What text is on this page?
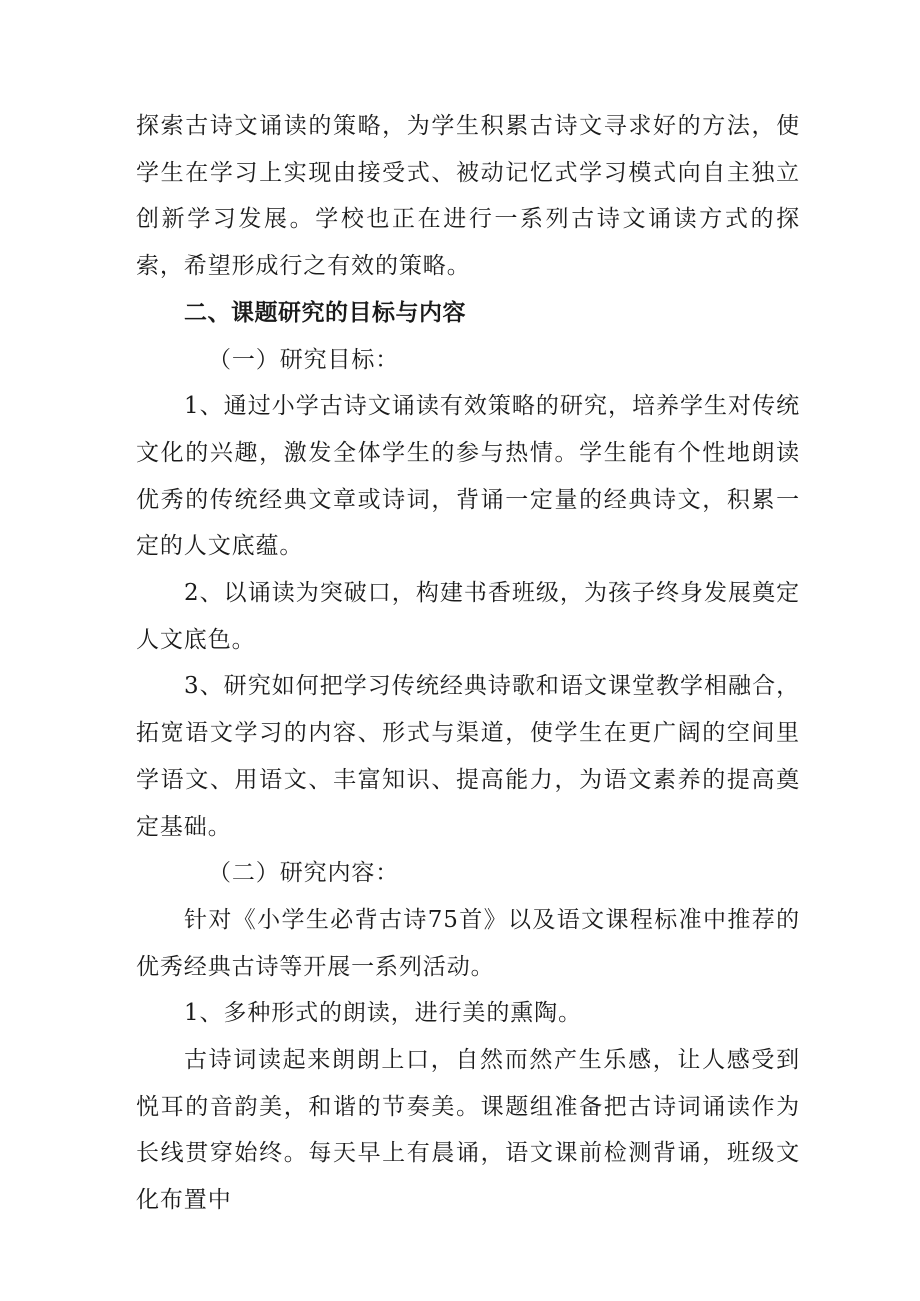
探索古诗文诵读的策略，为学生积累古诗文寻求好的方法，使学生在学习上实现由接受式、被动记忆式学习模式向自主独立创新学习发展。学校也正在进行一系列古诗文诵读方式的探索，希望形成行之有效的策略。

二、课题研究的目标与内容

（一）研究目标：

1、通过小学古诗文诵读有效策略的研究，培养学生对传统文化的兴趣，激发全体学生的参与热情。学生能有个性地朗读优秀的传统经典文章或诗词，背诵一定量的经典诗文，积累一定的人文底蕴。

2、以诵读为突破口，构建书香班级，为孩子终身发展奠定人文底色。

3、研究如何把学习传统经典诗歌和语文课堂教学相融合，拓宽语文学习的内容、形式与渠道，使学生在更广阔的空间里学语文、用语文、丰富知识、提高能力，为语文素养的提高奠定基础。

（二）研究内容：

针对《小学生必背古诗75首》以及语文课程标准中推荐的优秀经典古诗等开展一系列活动。

1、多种形式的朗读，进行美的熏陶。

古诗词读起来朗朗上口，自然而然产生乐感，让人感受到悦耳的音韵美，和谐的节奏美。课题组准备把古诗词诵读作为长线贯穿始终。每天早上有晨诵，语文课前检测背诵，班级文化布置中
